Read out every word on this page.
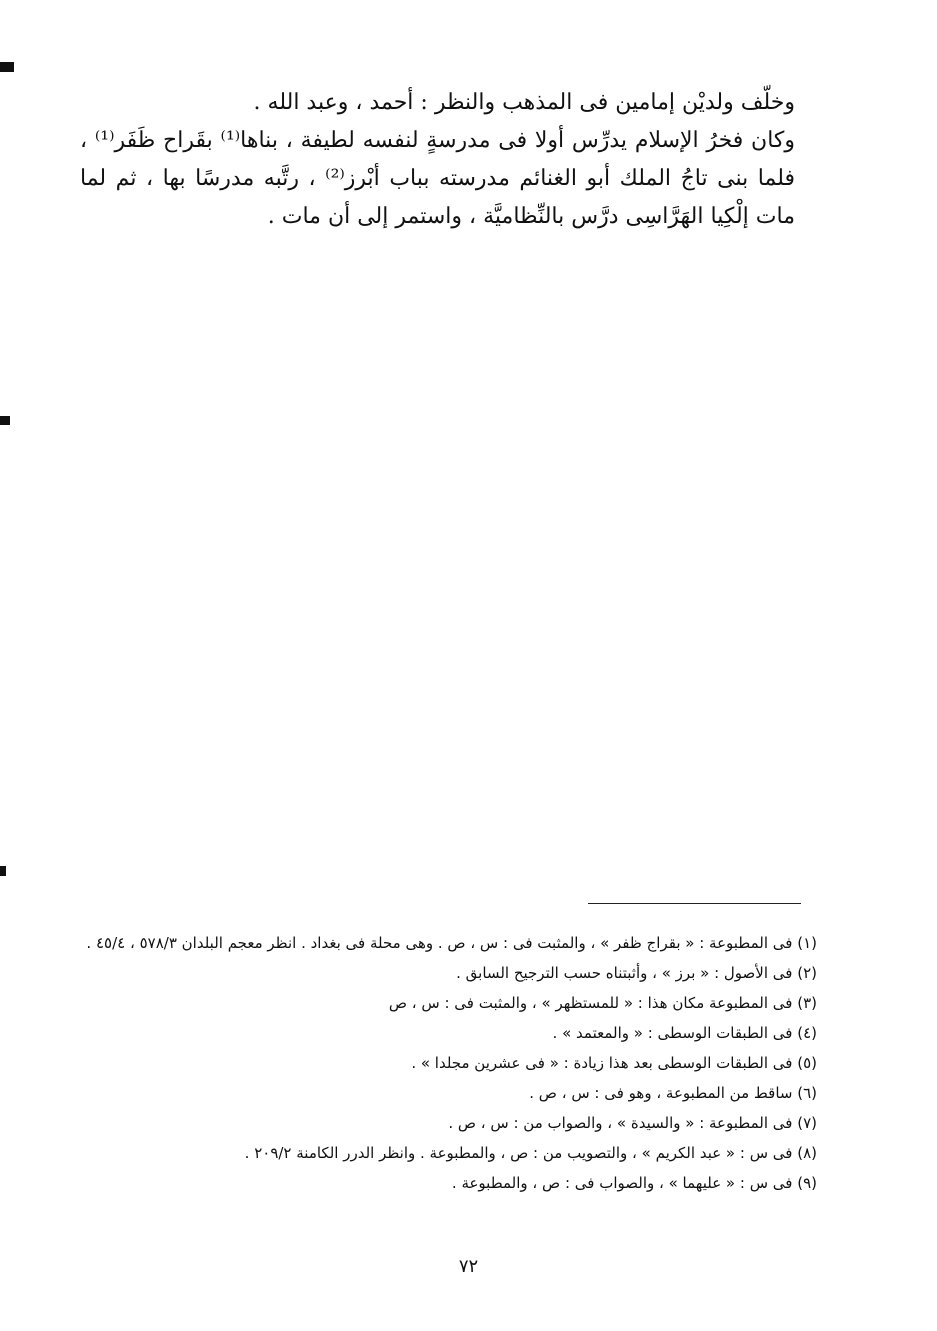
وخلّف ولديْن إمامين فى المذهب والنظر : أحمد ، وعبد الله .

وكان فخرُ الإسلام يدرِّس أولا فى مدرسةٍ لنفسه لطيفة ، بناها⁽¹⁾ بقَراح ظَفَر⁽¹⁾ ، فلما بنى تاجُ الملك أبو الغنائم مدرسته بباب أبْرز⁽²⁾ ، رتَّبه مدرسًا بها ، ثم لما مات إلْكِيا الهَرَّاسِى درَّس بالنِّظاميَّة ، واستمر إلى أن مات .

(١) فى المطبوعة : « بقراج ظفر » ، والمثبت فى : س ، ص . وهى محلة فى بغداد . انظر معجم البلدان ٥٧٨/٣ ، ٤٥/٤ .
(٢) فى الأصول : « برز » ، وأثبتناه حسب الترجيح السابق .
(٣) فى المطبوعة مكان هذا : « للمستظهر » ، والمثبت فى : س ، ص
(٤) فى الطبقات الوسطى : « والمعتمد » .
(٥) فى الطبقات الوسطى بعد هذا زيادة : « فى عشرين مجلدا » .
(٦) ساقط من المطبوعة ، وهو فى : س ، ص .
(٧) فى المطبوعة : « والسيدة » ، والصواب من : س ، ص .
(٨) فى س : « عبد الكريم » ، والتصويب من : ص ، والمطبوعة . وانظر الدرر الكامنة ٢٠٩/٢ .
(٩) فى س : « عليهما » ، والصواب فى : ص ، والمطبوعة .
٧٢
